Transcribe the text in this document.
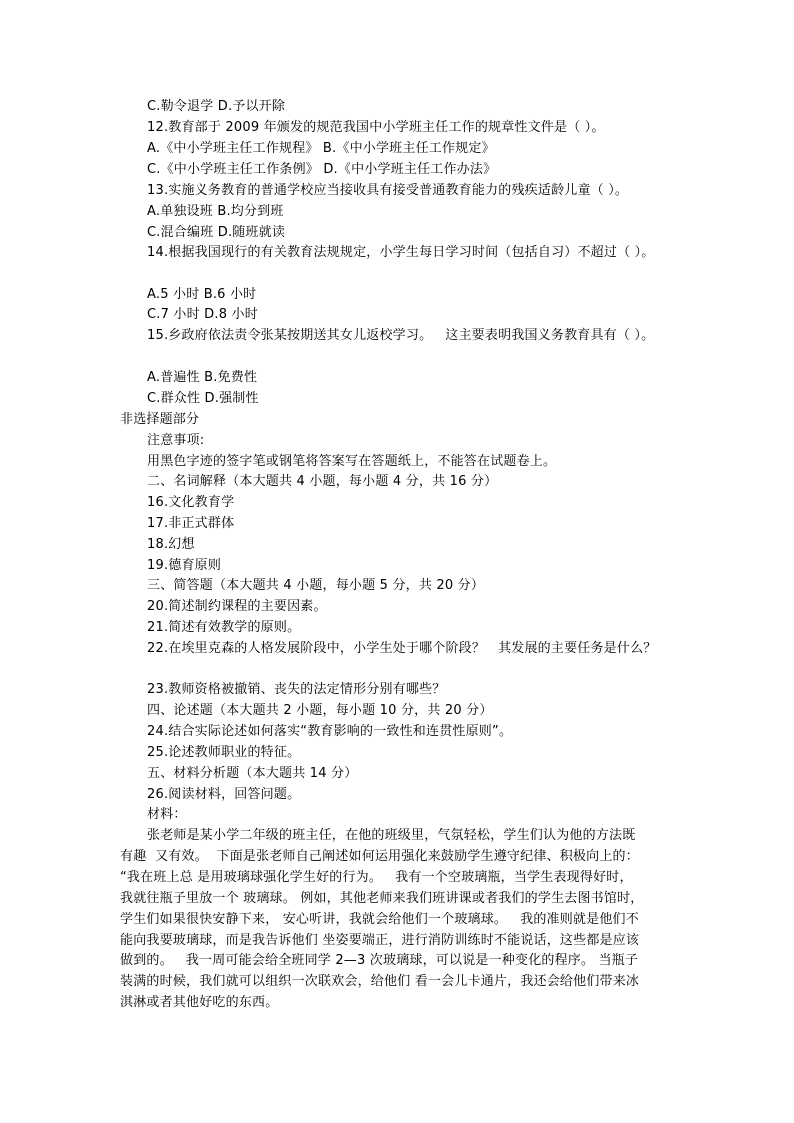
C.勒令退学 D.予以开除

12.教育部于 2009 年颁发的规范我国中小学班主任工作的规章性文件是（ ）。

A.《中小学班主任工作规程》 B.《中小学班主任工作规定》

C.《中小学班主任工作条例》 D.《中小学班主任工作办法》

13.实施义务教育的普通学校应当接收具有接受普通教育能力的残疾适龄儿童（ ）。

A.单独设班 B.均分到班

C.混合编班 D.随班就读

14.根据我国现行的有关教育法规规定，小学生每日学习时间（包括自习）不超过（ ）。

A.5 小时 B.6 小时

C.7 小时 D.8 小时

15.乡政府依法责令张某按期送其女儿返校学习。   这主要表明我国义务教育具有（ ）。

A.普遍性 B.免费性

C.群众性 D.强制性

非选择题部分

注意事项:

用黑色字迹的签字笔或钢笔将答案写在答题纸上，不能答在试题卷上。

二、名词解释（本大题共 4 小题，每小题 4 分，共 16 分）

16.文化教育学

17.非正式群体

18.幻想

19.德育原则

三、简答题（本大题共 4 小题，每小题 5 分，共 20 分）

20.简述制约课程的主要因素。

21.简述有效教学的原则。

22.在埃里克森的人格发展阶段中，小学生处于哪个阶段？   其发展的主要任务是什么？

23.教师资格被撤销、丧失的法定情形分别有哪些？

四、论述题（本大题共 2 小题，每小题 10 分，共 20 分）

24.结合实际论述如何落实“教育影响的一致性和连贯性原则”。

25.论述教师职业的特征。

五、材料分析题（本大题共 14 分）

26.阅读材料，回答问题。

材料：

张老师是某小学二年级的班主任，在他的班级里，气氛轻松，学生们认为他的方法既

有趣  又有效。  下面是张老师自己阐述如何运用强化来鼓励学生遵守纪律、积极向上的：

“我在班上总 是用玻璃球强化学生好的行为。   我有一个空玻璃瓶，当学生表现得好时，

我就往瓶子里放一个 玻璃球。 例如，其他老师来我们班讲课或者我们的学生去图书馆时，

学生们如果很快安静下来， 安心听讲，我就会给他们一个玻璃球。   我的准则就是他们不

能向我要玻璃球，而是我告诉他们 坐姿要端正，进行消防训练时不能说话，这些都是应该

做到的。   我一周可能会给全班同学 2—3 次玻璃球，可以说是一种变化的程序。 当瓶子

装满的时候，我们就可以组织一次联欢会，给他们 看一会儿卡通片，我还会给他们带来冰

淇淋或者其他好吃的东西。
